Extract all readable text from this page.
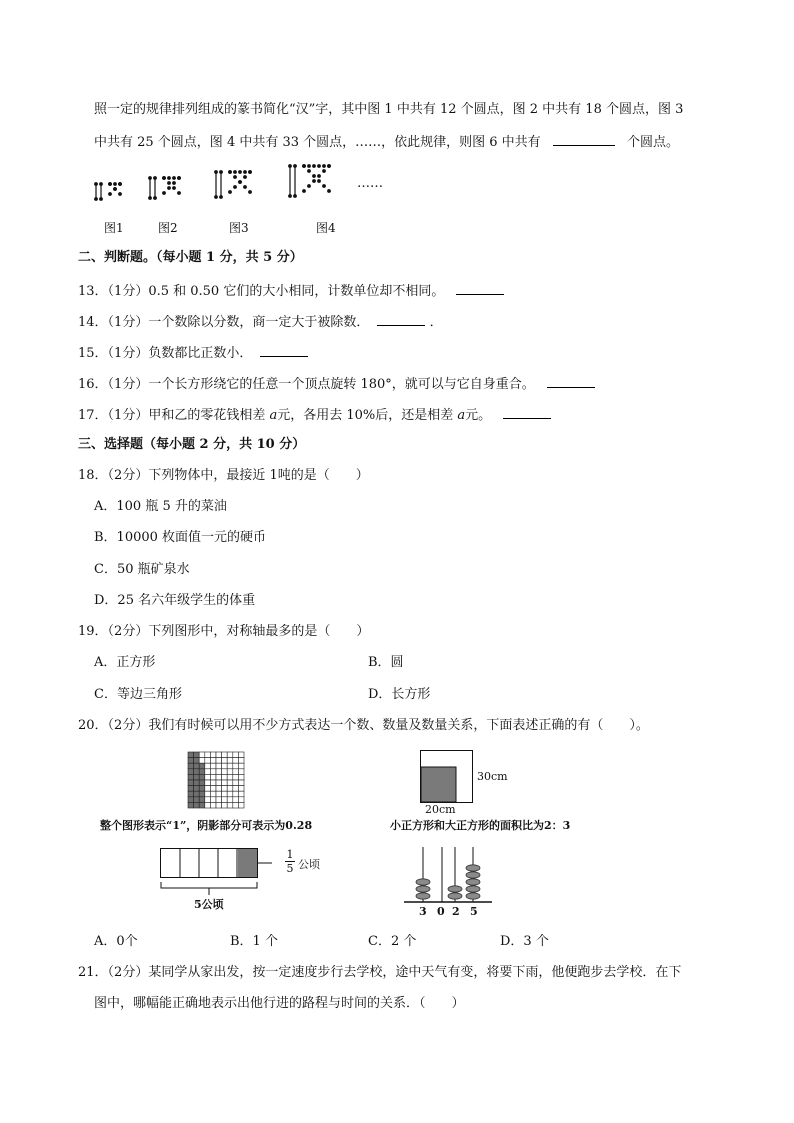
照一定的规律排列组成的篆书简化“汉”字，其中图 1 中共有 12 个圆点，图 2 中共有 18 个圆点，图 3
中共有 25 个圆点，图 4 中共有 33 个圆点，……，依此规律，则图 6 中共有	个圆点。
……
图1	图2	图3	图4
二、判断题。（每小题 1 分，共 5 分）
13．（1分）0.5 和 0.50 它们的大小相同，计数单位却不相同。
14．（1分）一个数除以分数，商一定大于被除数．	．
15．（1分）负数都比正数小．
16．（1分）一个长方形绕它的任意一个顶点旋转 180°，就可以与它自身重合。
17．（1分）甲和乙的零花钱相差 a元，各用去 10%后，还是相差 a元。
三、选择题（每小题 2 分，共 10 分）
18．（2分）下列物体中，最接近 1吨的是（　　）
A．100 瓶 5 升的菜油
B．10000 枚面值一元的硬币
C．50 瓶矿泉水
D．25 名六年级学生的体重
19．（2分）下列图形中，对称轴最多的是（　　）
A．正方形	B．圆
C．等边三角形	D．长方形
20．（2分）我们有时候可以用不少方式表达一个数、数量及数量关系，下面表述正确的有（　　）。
整个图形表示“1”，阴影部分可表示为0.28
30cm
20cm
小正方形和大正方形的面积比为2：3
$\frac{1}{5}$ 公顷
5公顷
3 0 2 5
A．0个	B．1 个	C．2 个	D．3 个
21．（2分）某同学从家出发，按一定速度步行去学校，途中天气有变，将要下雨，他便跑步去学校．在下
图中，哪幅能正确地表示出他行进的路程与时间的关系．（　　）
